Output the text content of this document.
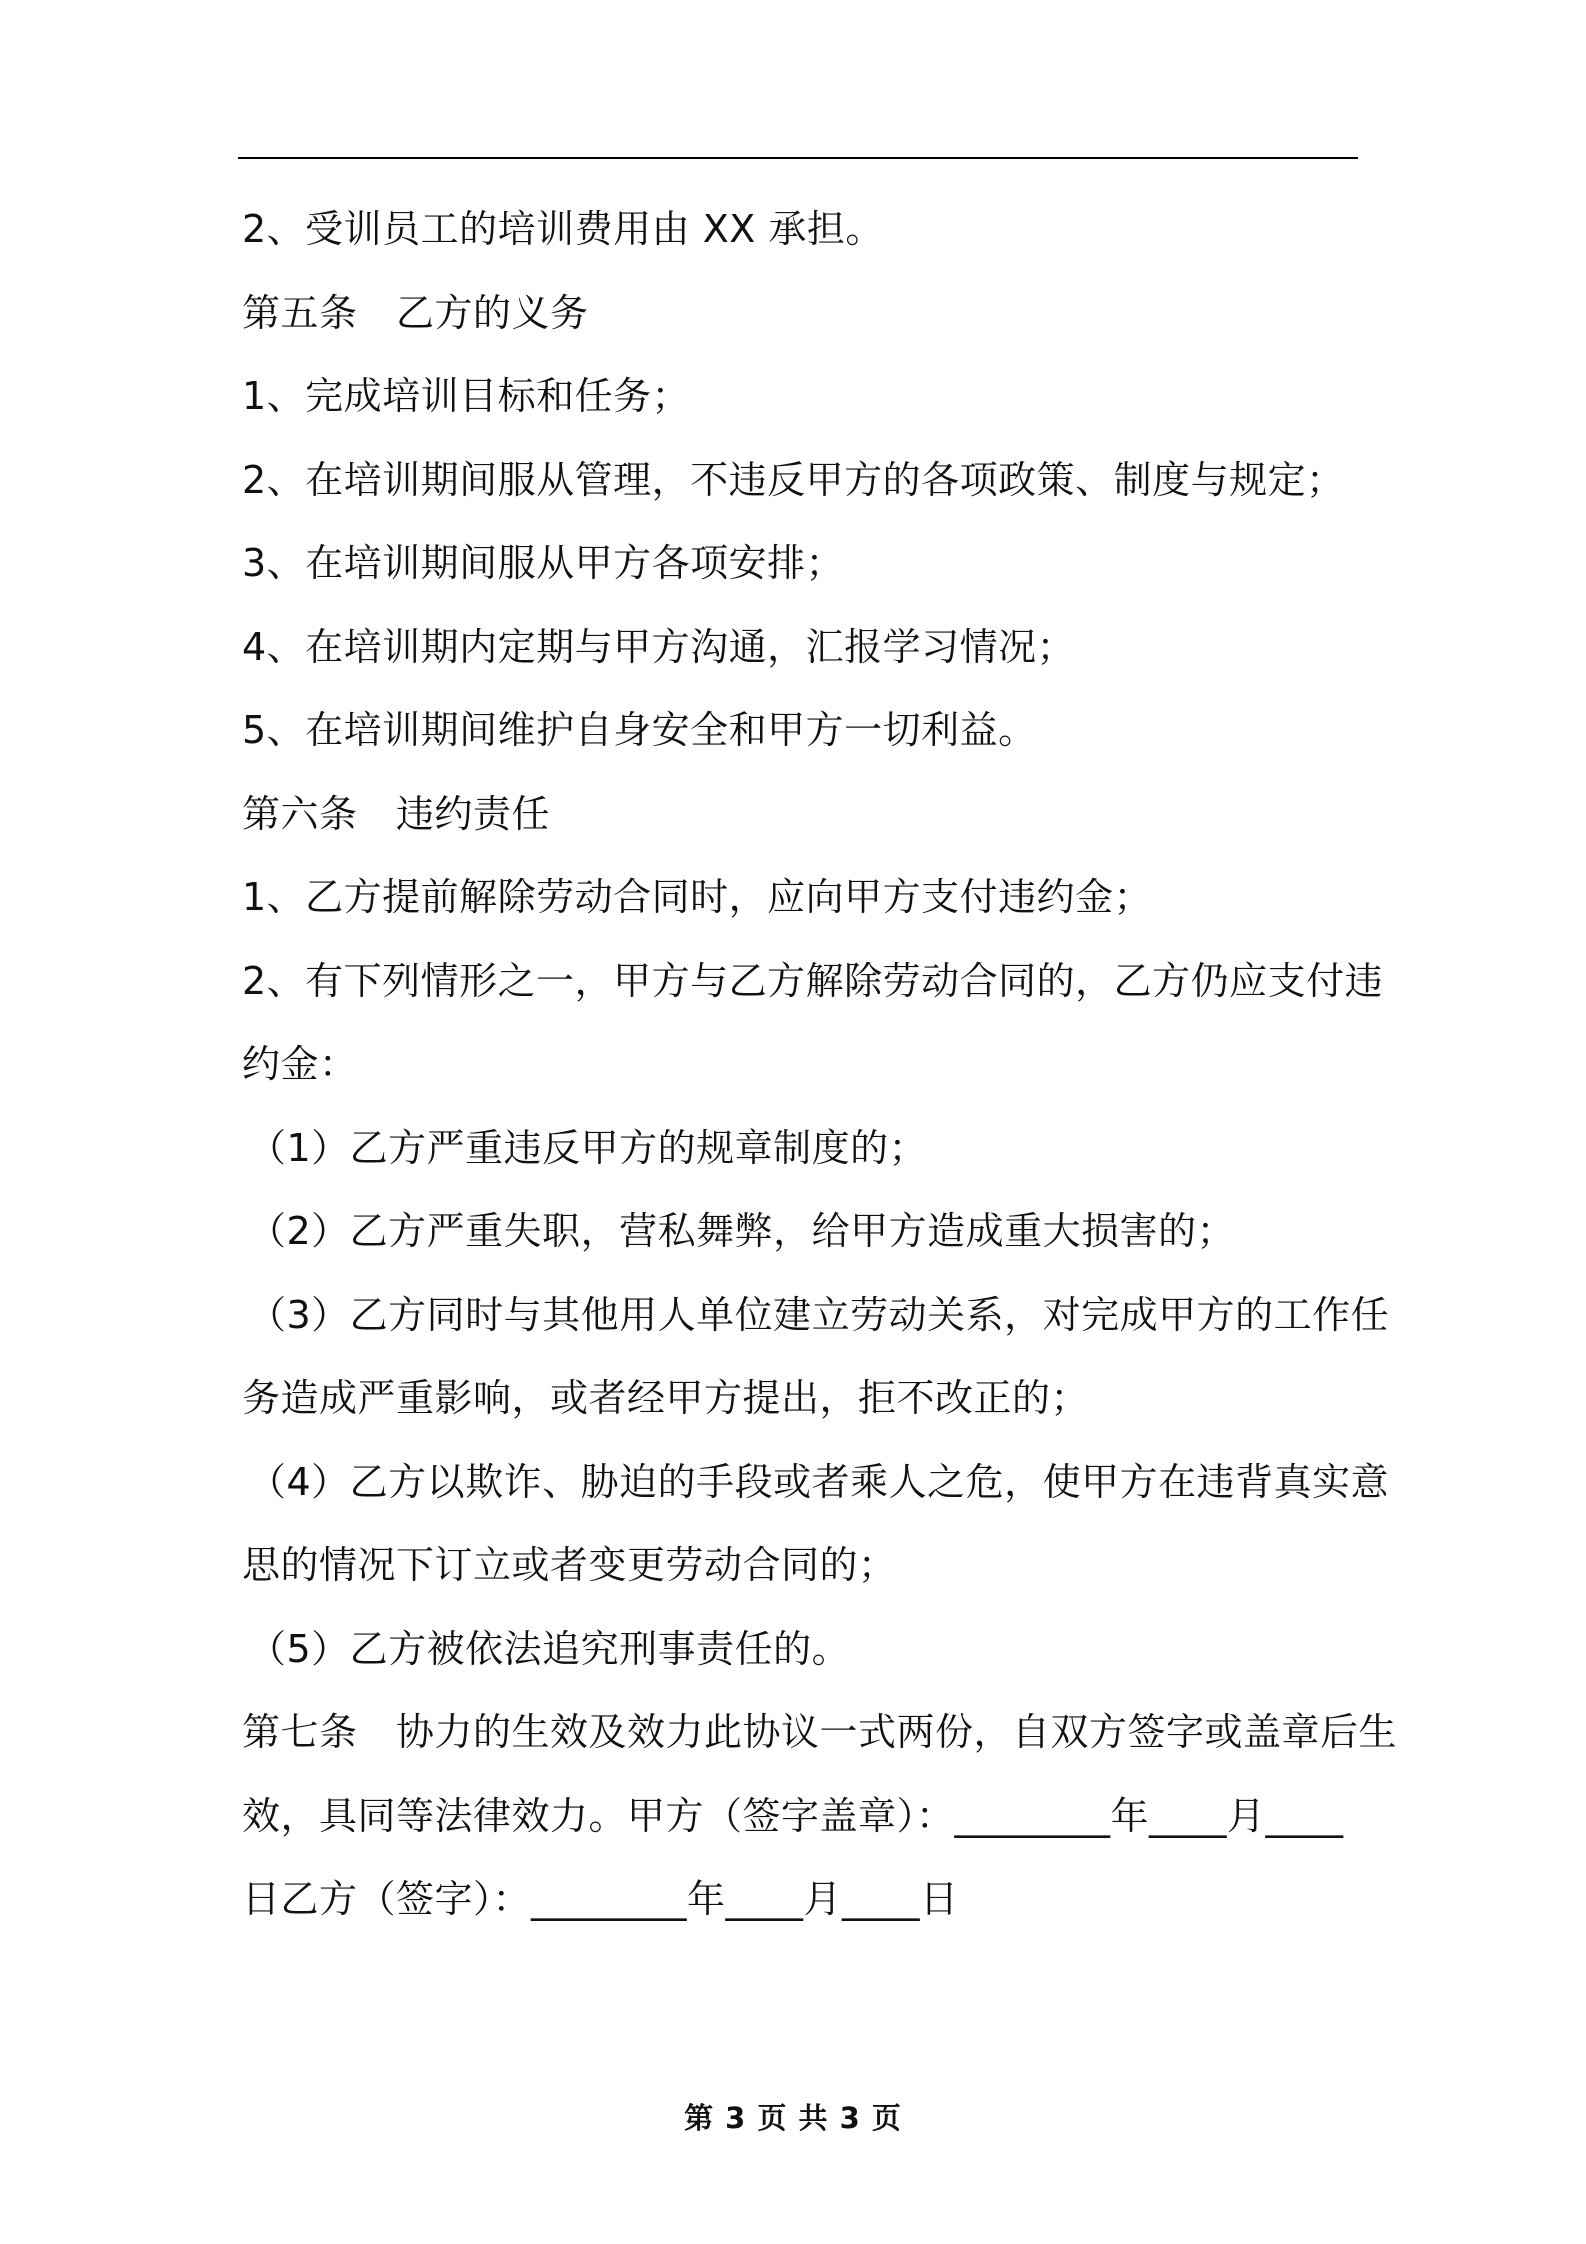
2、受训员工的培训费用由 XX 承担。
第五条　乙方的义务
1、完成培训目标和任务；
2、在培训期间服从管理，不违反甲方的各项政策、制度与规定；
3、在培训期间服从甲方各项安排；
4、在培训期内定期与甲方沟通，汇报学习情况；
5、在培训期间维护自身安全和甲方一切利益。
第六条　违约责任
1、乙方提前解除劳动合同时，应向甲方支付违约金；
2、有下列情形之一，甲方与乙方解除劳动合同的，乙方仍应支付违
约金：
（1）乙方严重违反甲方的规章制度的；
（2）乙方严重失职，营私舞弊，给甲方造成重大损害的；
（3）乙方同时与其他用人单位建立劳动关系，对完成甲方的工作任
务造成严重影响，或者经甲方提出，拒不改正的；
（4）乙方以欺诈、胁迫的手段或者乘人之危，使甲方在违背真实意
思的情况下订立或者变更劳动合同的；
（5）乙方被依法追究刑事责任的。
第七条　协力的生效及效力此协议一式两份，自双方签字或盖章后生
效，具同等法律效力。甲方（签字盖章）：________年____月____
日乙方（签字）：________年____月____日
第 3 页 共 3 页
